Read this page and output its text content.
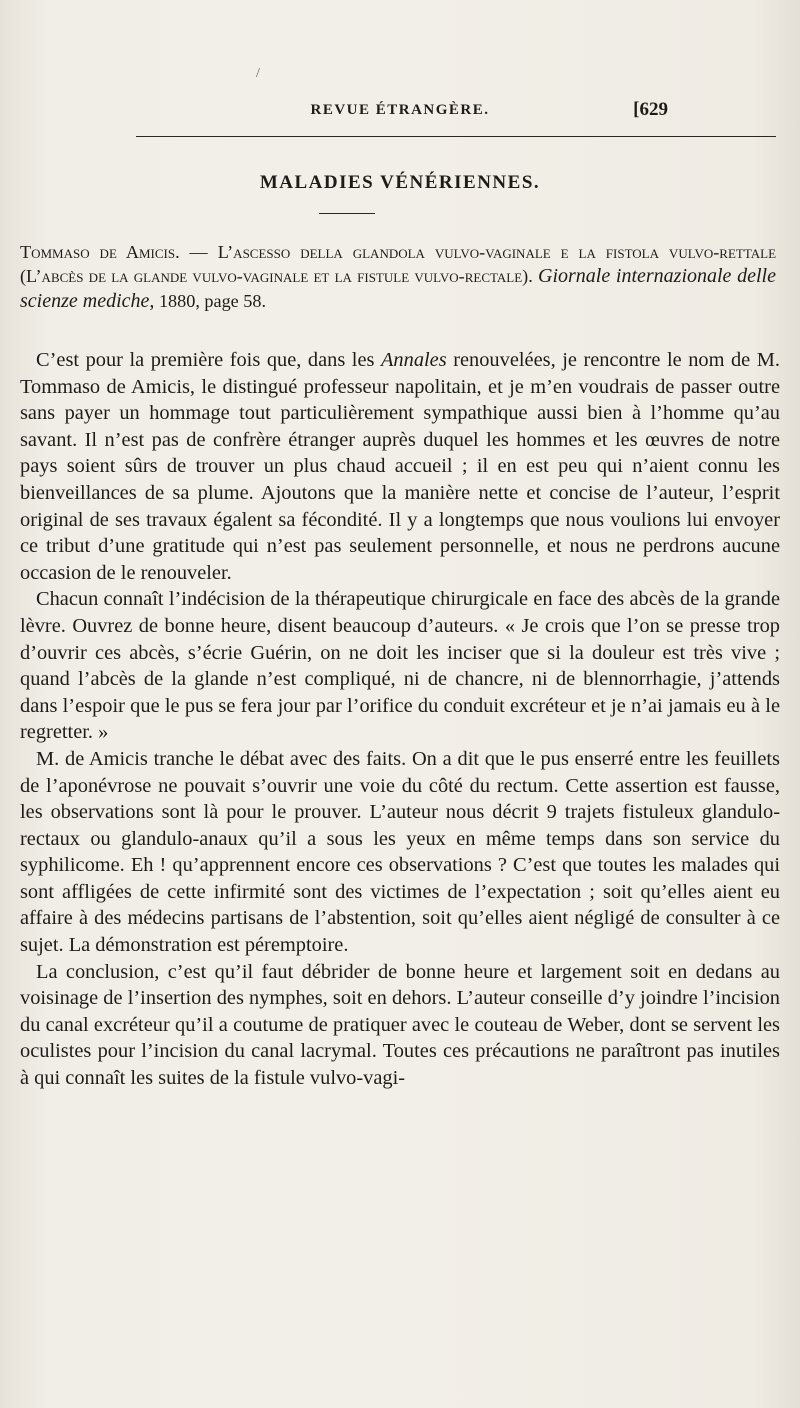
/
REVUE ÉTRANGÈRE.	[629
MALADIES VÉNÉRIENNES.
Tommaso de Amicis. — L’ascesso della glandola vulvo-vaginale e la fistola vulvo-rettale (L’abcès de la glande vulvo-vaginale et la fistule vulvo-rectale). Giornale internazionale delle scienze mediche, 1880, page 58.

C’est pour la première fois que, dans les Annales renouvelées, je rencontre le nom de M. Tommaso de Amicis, le distingué professeur napolitain, et je m’en voudrais de passer outre sans payer un hommage tout particulièrement sympathique aussi bien à l’homme qu’au savant. Il n’est pas de confrère étranger auprès duquel les hommes et les œuvres de notre pays soient sûrs de trouver un plus chaud accueil ; il en est peu qui n’aient connu les bienveillances de sa plume. Ajoutons que la manière nette et concise de l’auteur, l’esprit original de ses travaux égalent sa fécondité. Il y a longtemps que nous voulions lui envoyer ce tribut d’une gratitude qui n’est pas seulement personnelle, et nous ne perdrons aucune occasion de le renouveler.

Chacun connaît l’indécision de la thérapeutique chirurgicale en face des abcès de la grande lèvre. Ouvrez de bonne heure, disent beaucoup d’auteurs. « Je crois que l’on se presse trop d’ouvrir ces abcès, s’écrie Guérin, on ne doit les inciser que si la douleur est très vive ; quand l’abcès de la glande n’est compliqué, ni de chancre, ni de blennorrhagie, j’attends dans l’espoir que le pus se fera jour par l’orifice du conduit excréteur et je n’ai jamais eu à le regretter. »

M. de Amicis tranche le débat avec des faits. On a dit que le pus enserré entre les feuillets de l’aponévrose ne pouvait s’ouvrir une voie du côté du rectum. Cette assertion est fausse, les observations sont là pour le prouver. L’auteur nous décrit 9 trajets fistuleux glandulo-rectaux ou glandulo-anaux qu’il a sous les yeux en même temps dans son service du syphilicome. Eh ! qu’apprennent encore ces observations ? C’est que toutes les malades qui sont affligées de cette infirmité sont des victimes de l’expectation ; soit qu’elles aient eu affaire à des médecins partisans de l’abstention, soit qu’elles aient négligé de consulter à ce sujet. La démonstration est péremptoire.

La conclusion, c’est qu’il faut débrider de bonne heure et largement soit en dedans au voisinage de l’insertion des nymphes, soit en dehors. L’auteur conseille d’y joindre l’incision du canal excréteur qu’il a coutume de pratiquer avec le couteau de Weber, dont se servent les oculistes pour l’incision du canal lacrymal. Toutes ces précautions ne paraîtront pas inutiles à qui connaît les suites de la fistule vulvo-vagi-
